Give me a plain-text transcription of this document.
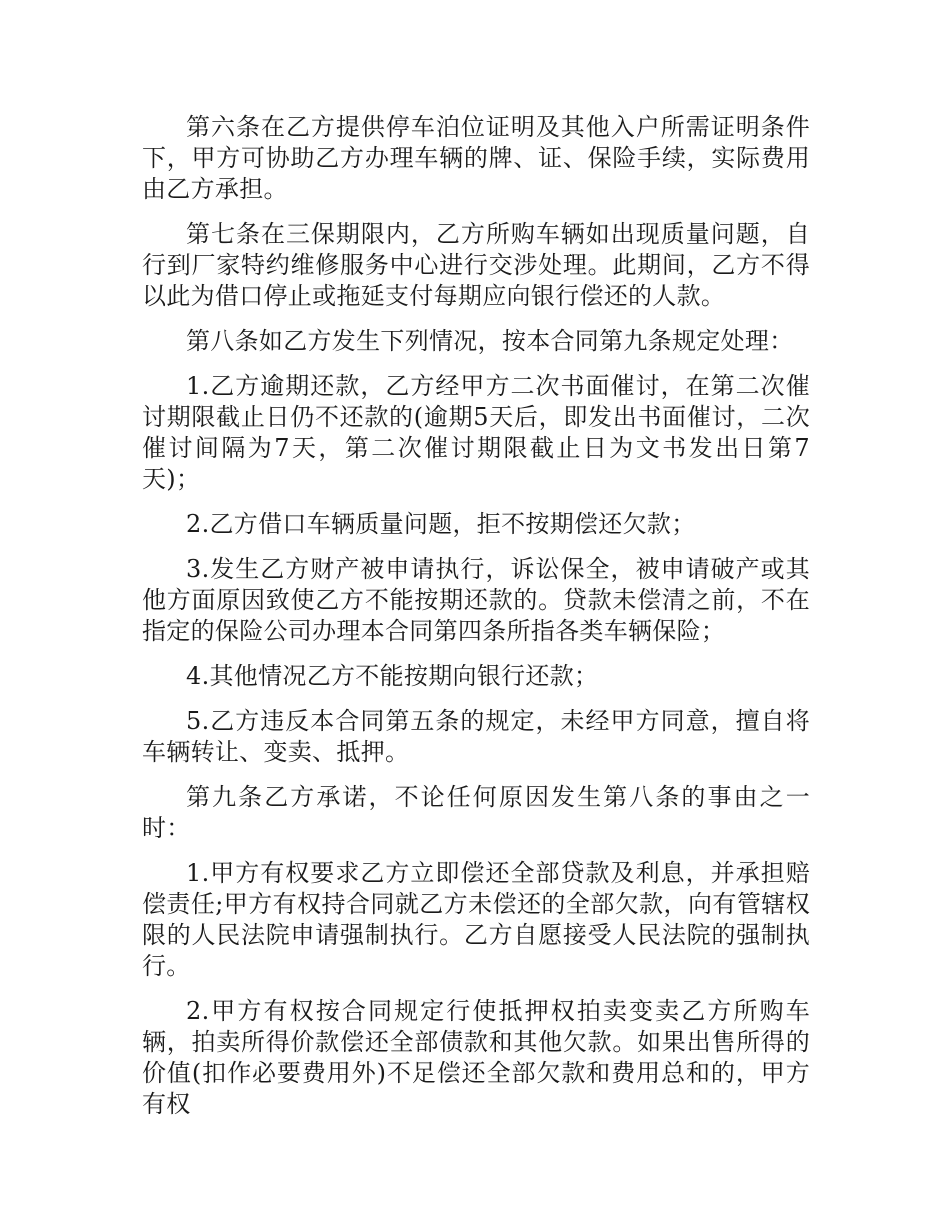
第六条在乙方提供停车泊位证明及其他入户所需证明条件下，甲方可协助乙方办理车辆的牌、证、保险手续，实际费用由乙方承担。

第七条在三保期限内，乙方所购车辆如出现质量问题，自行到厂家特约维修服务中心进行交涉处理。此期间，乙方不得以此为借口停止或拖延支付每期应向银行偿还的人款。

第八条如乙方发生下列情况，按本合同第九条规定处理：

1.乙方逾期还款，乙方经甲方二次书面催讨，在第二次催讨期限截止日仍不还款的(逾期5天后，即发出书面催讨，二次催讨间隔为7天，第二次催讨期限截止日为文书发出日第7天)；

2.乙方借口车辆质量问题，拒不按期偿还欠款；

3.发生乙方财产被申请执行，诉讼保全，被申请破产或其他方面原因致使乙方不能按期还款的。贷款未偿清之前，不在指定的保险公司办理本合同第四条所指各类车辆保险；

4.其他情况乙方不能按期向银行还款；

5.乙方违反本合同第五条的规定，未经甲方同意，擅自将车辆转让、变卖、抵押。

第九条乙方承诺，不论任何原因发生第八条的事由之一时：

1.甲方有权要求乙方立即偿还全部贷款及利息，并承担赔偿责任;甲方有权持合同就乙方未偿还的全部欠款，向有管辖权限的人民法院申请强制执行。乙方自愿接受人民法院的强制执行。

2.甲方有权按合同规定行使抵押权拍卖变卖乙方所购车辆，拍卖所得价款偿还全部债款和其他欠款。如果出售所得的价值(扣作必要费用外)不足偿还全部欠款和费用总和的，甲方有权
